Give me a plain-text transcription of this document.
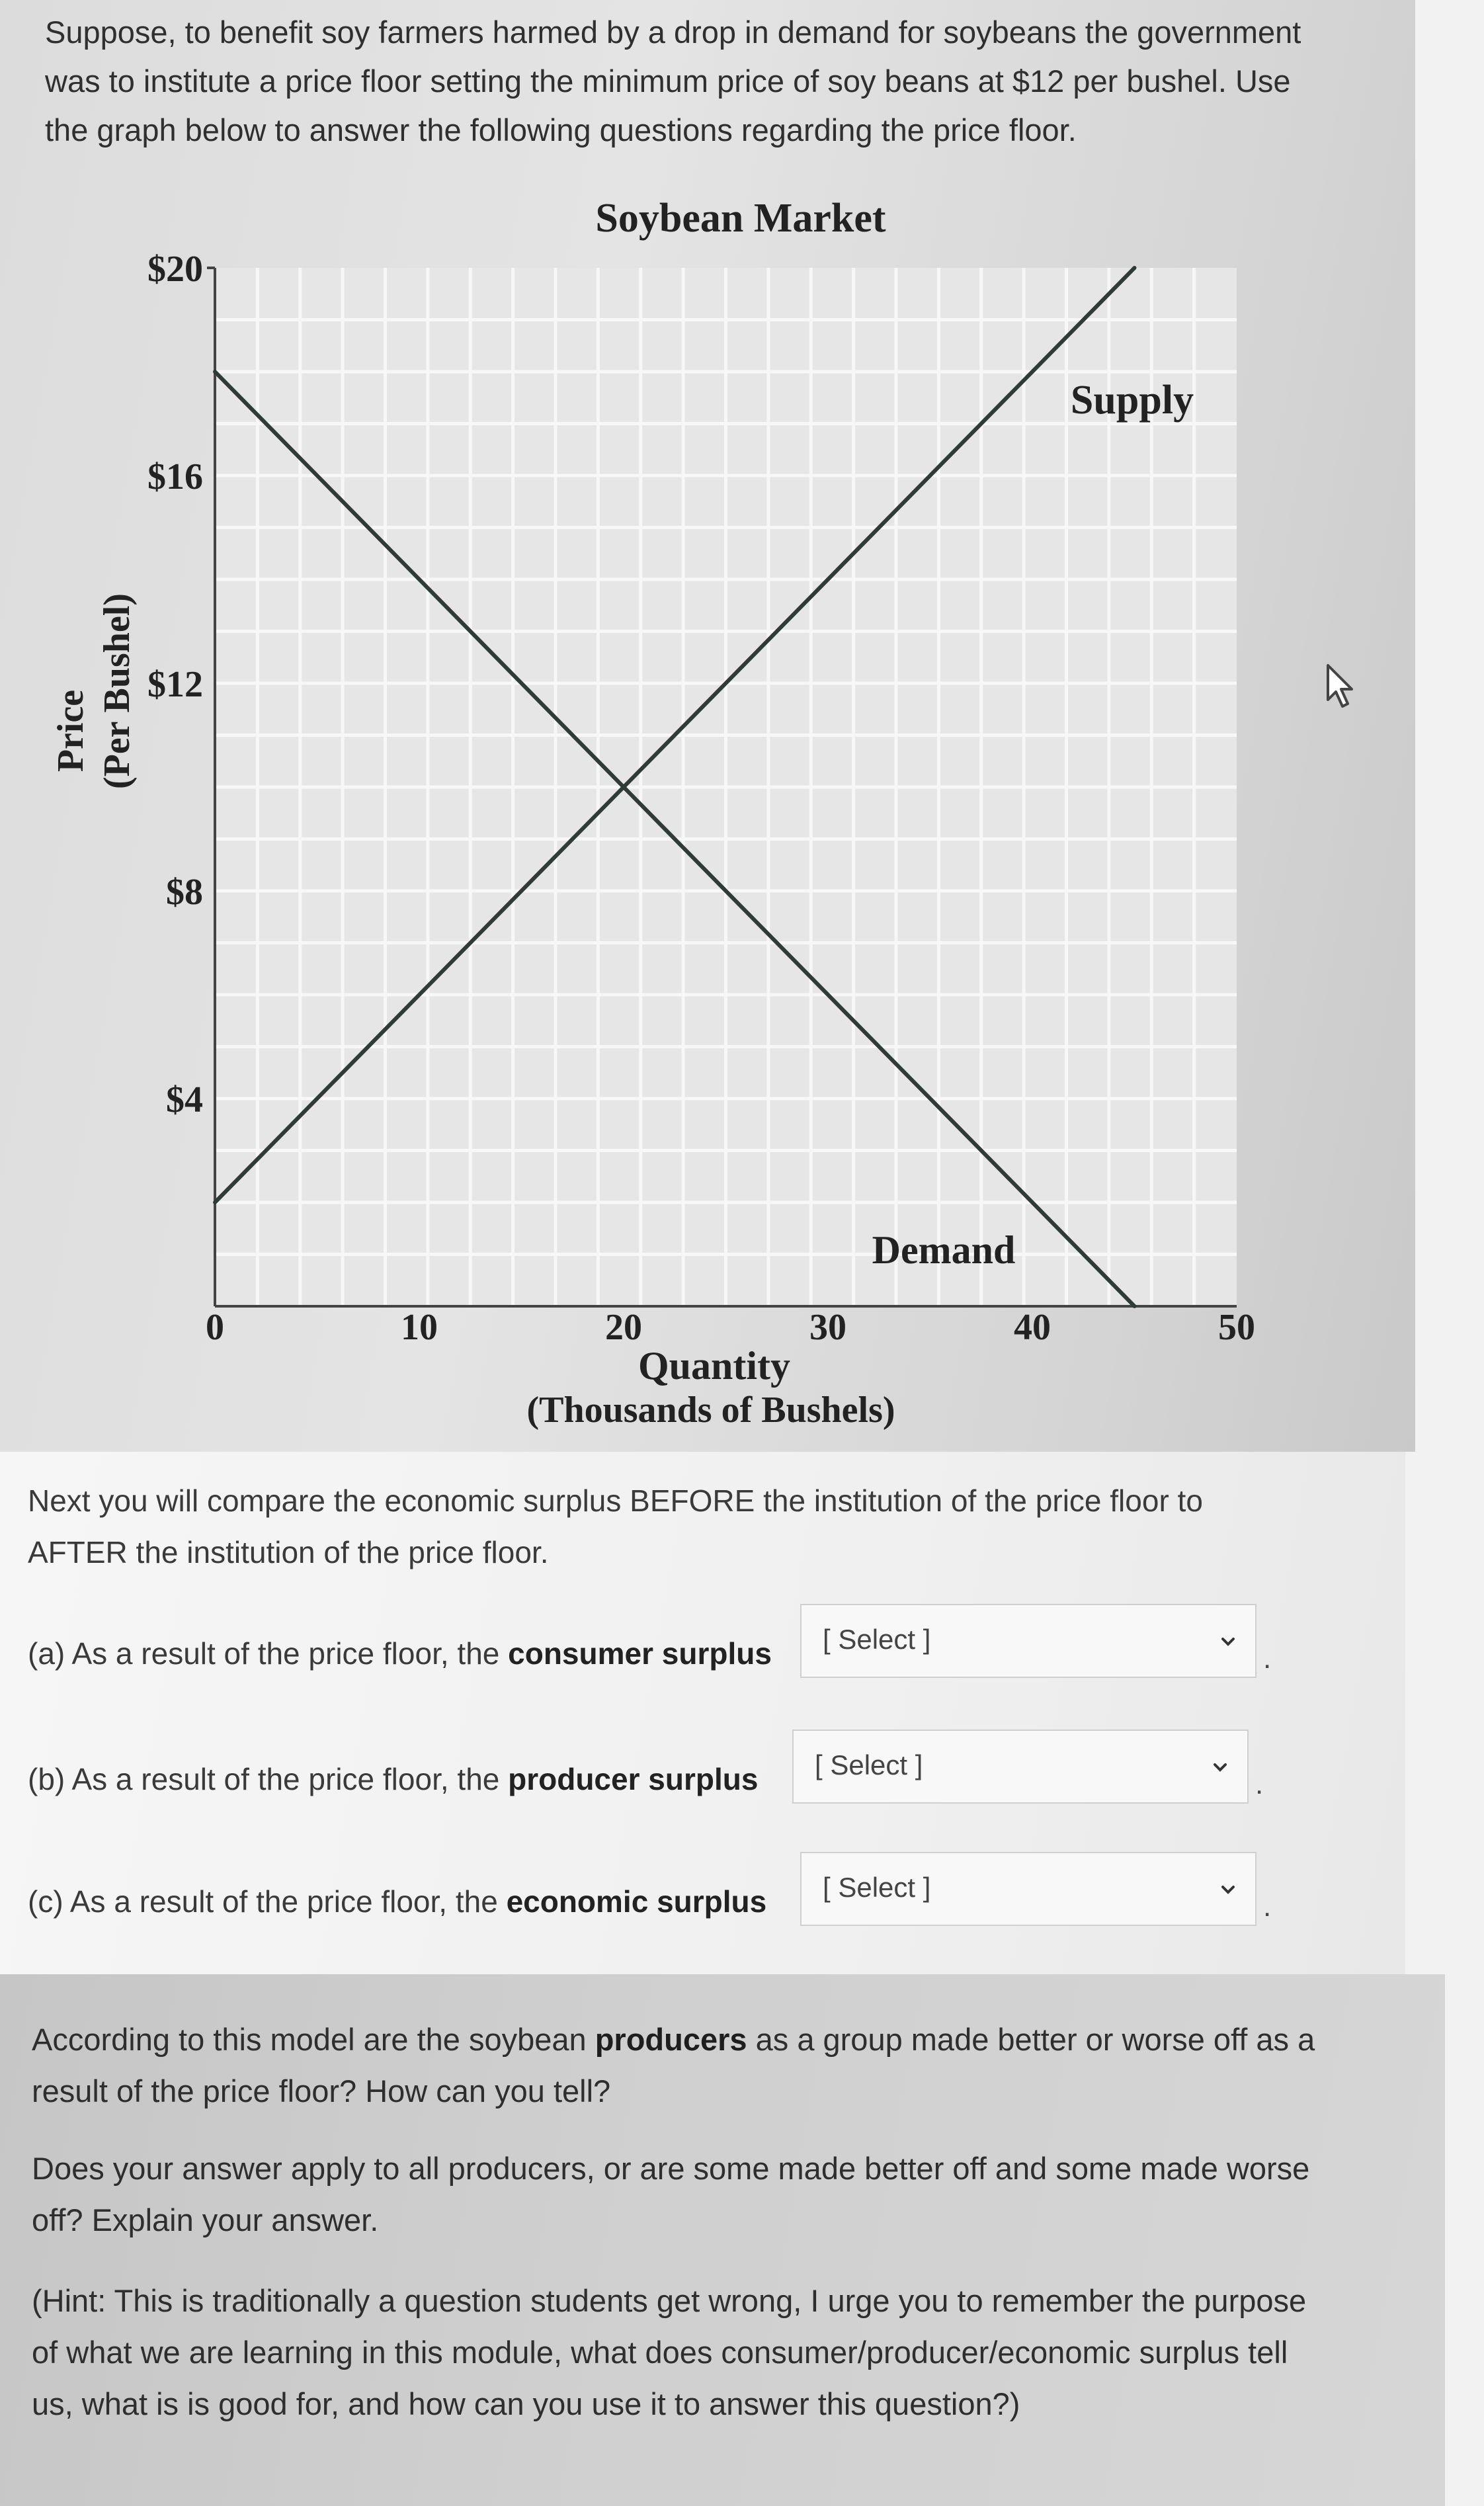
Suppose, to benefit soy farmers harmed by a drop in demand for soybeans the government

was to institute a price floor setting the minimum price of soy beans at $12 per bushel. Use

the graph below to answer the following questions regarding the price floor.

Soybean Market
$4
$8
$12
$16
$20
0	10	20	30	40	50
Quantity
(Thousands of Bushels)
Price (Per Bushel)
Supply
Demand
Next you will compare the economic surplus BEFORE the institution of the price floor to
AFTER the institution of the price floor.
(a) As a result of the price floor, the consumer surplus [ Select ]
.
(b) As a result of the price floor, the producer surplus [ Select ]
.
(c) As a result of the price floor, the economic surplus [ Select ]
.
According to this model are the soybean producers as a group made better or worse off as a
result of the price floor? How can you tell?
Does your answer apply to all producers, or are some made better off and some made worse
off? Explain your answer.
(Hint: This is traditionally a question students get wrong, I urge you to remember the purpose
of what we are learning in this module, what does consumer/producer/economic surplus tell
us, what is is good for, and how can you use it to answer this question?)
